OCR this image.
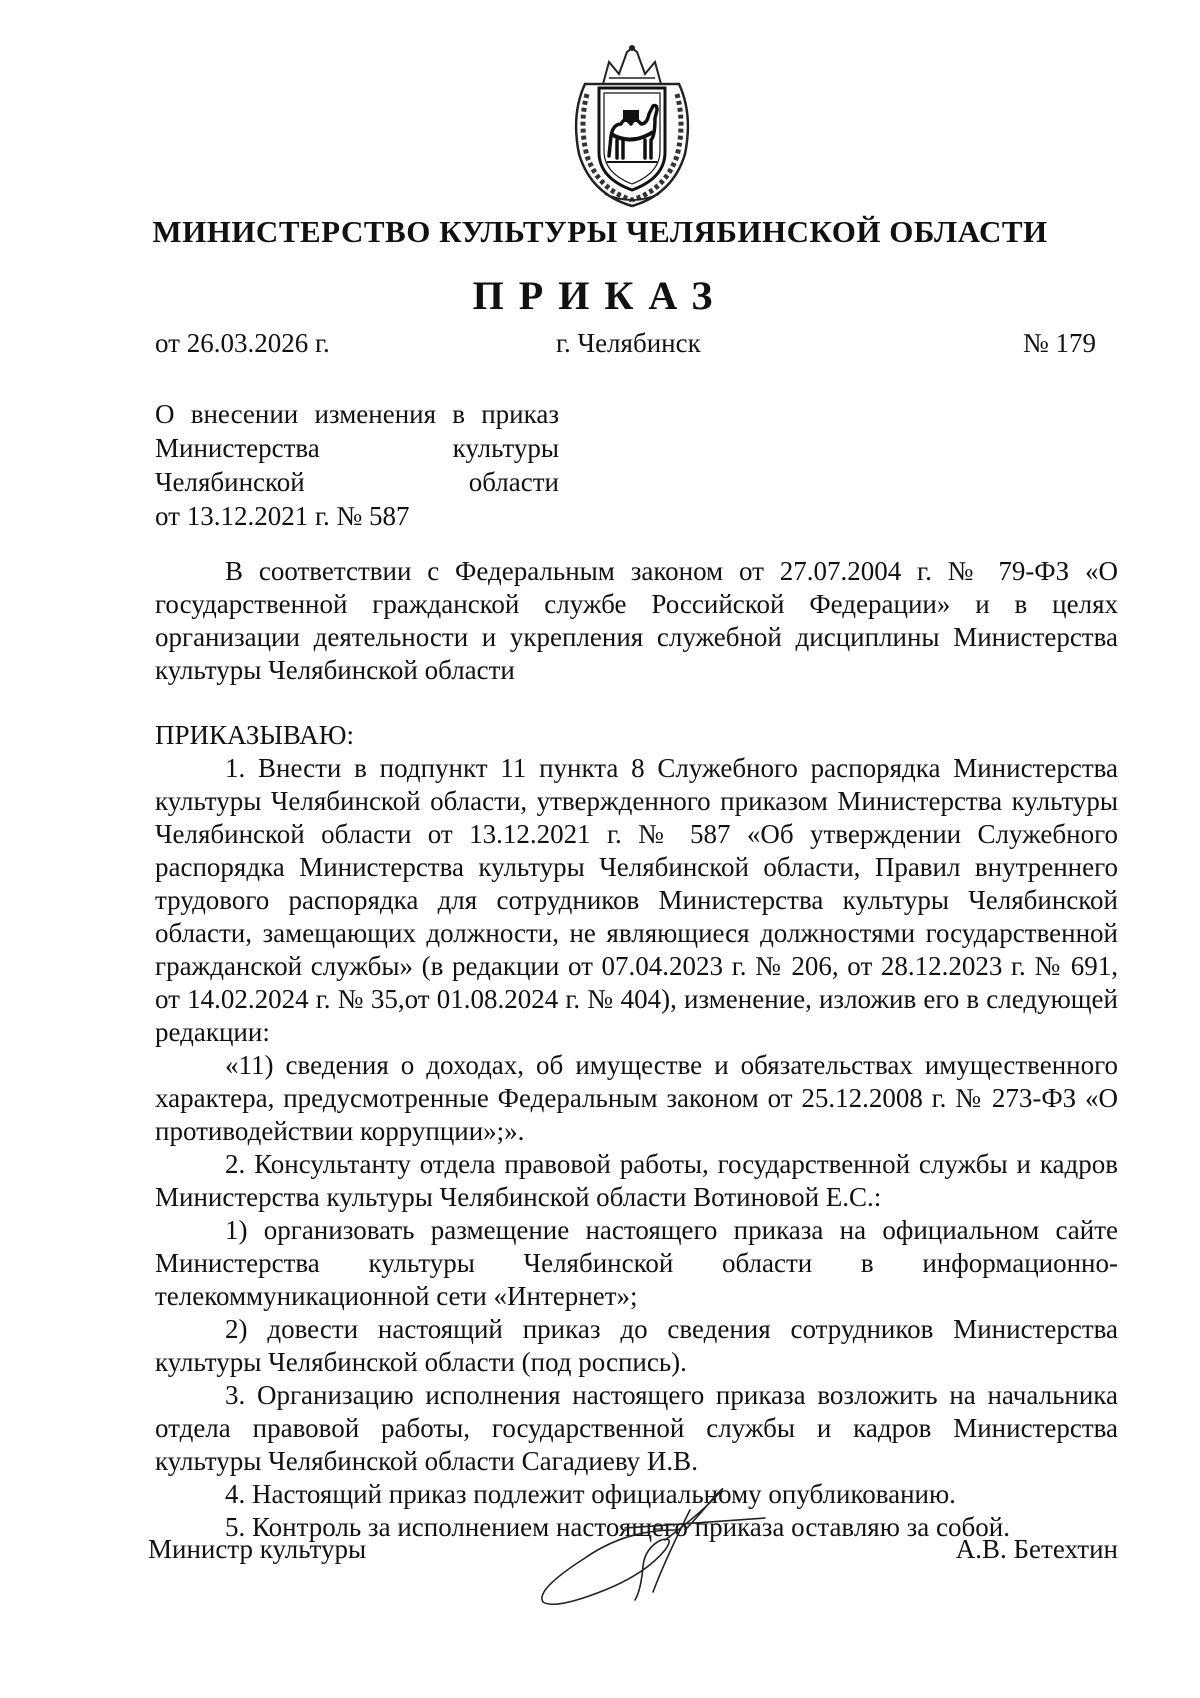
МИНИСТЕРСТВО КУЛЬТУРЫ ЧЕЛЯБИНСКОЙ ОБЛАСТИ
ПРИКАЗ
от 26.03.2026 г.	г. Челябинск	№ 179
О внесении изменения в приказ
Министерства культуры
Челябинской области
от 13.12.2021 г. № 587

В соответствии с Федеральным законом от 27.07.2004 г. № 79-ФЗ «О государственной гражданской службе Российской Федерации» и в целях организации деятельности и укрепления служебной дисциплины Министерства культуры Челябинской области

ПРИКАЗЫВАЮ:

1. Внести в подпункт 11 пункта 8 Служебного распорядка Министерства культуры Челябинской области, утвержденного приказом Министерства культуры Челябинской области от 13.12.2021 г. № 587 «Об утверждении Служебного распорядка Министерства культуры Челябинской области, Правил внутреннего трудового распорядка для сотрудников Министерства культуры Челябинской области, замещающих должности, не являющиеся должностями государственной гражданской службы» (в редакции от 07.04.2023 г. № 206, от 28.12.2023 г. № 691, от 14.02.2024 г. № 35,от 01.08.2024 г. № 404), изменение, изложив его в следующей редакции:

«11) сведения о доходах, об имуществе и обязательствах имущественного характера, предусмотренные Федеральным законом от 25.12.2008 г. № 273-ФЗ «О противодействии коррупции»;».

2. Консультанту отдела правовой работы, государственной службы и кадров Министерства культуры Челябинской области Вотиновой Е.С.:

1) организовать размещение настоящего приказа на официальном сайте Министерства культуры Челябинской области в информационно-телекоммуникационной сети «Интернет»;

2) довести настоящий приказ до сведения сотрудников Министерства культуры Челябинской области (под роспись).

3. Организацию исполнения настоящего приказа возложить на начальника отдела правовой работы, государственной службы и кадров Министерства культуры Челябинской области Сагадиеву И.В.

4. Настоящий приказ подлежит официальному опубликованию.

5. Контроль за исполнением настоящего приказа оставляю за собой.

Министр культуры	А.В. Бетехтин
